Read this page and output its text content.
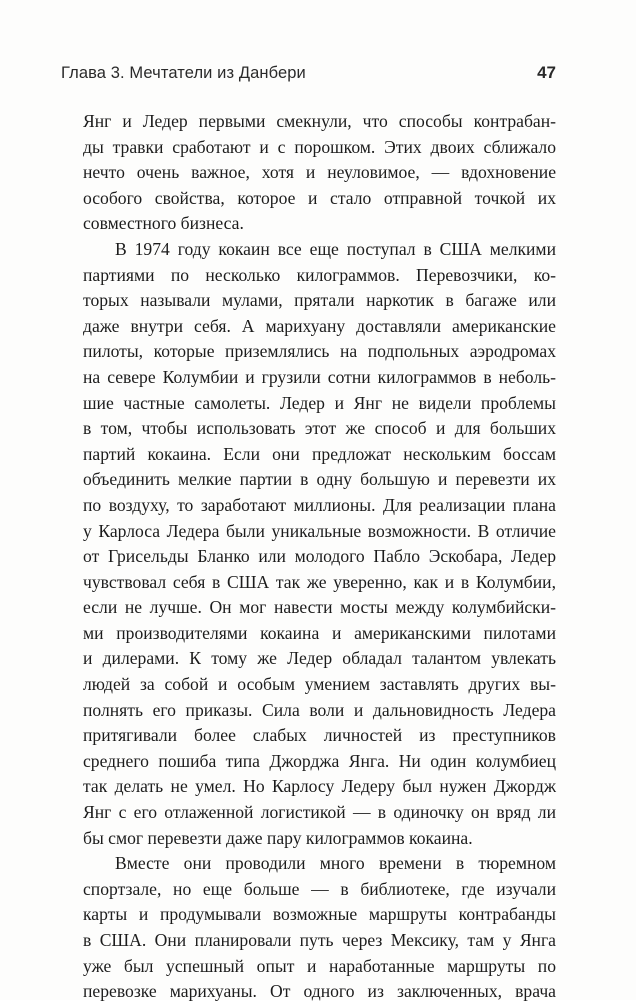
Глава 3. Мечтатели из Данбери	47

Янг и Ледер первыми смекнули, что способы контрабан-
ды травки сработают и с порошком. Этих двоих сближало
нечто очень важное, хотя и неуловимое, — вдохновение
особого свойства, которое и стало отправной точкой их
совместного бизнеса.

В 1974 году кокаин все еще поступал в США мелкими
партиями по несколько килограммов. Перевозчики, ко-
торых называли мулами, прятали наркотик в багаже или
даже внутри себя. А марихуану доставляли американские
пилоты, которые приземлялись на подпольных аэродромах
на севере Колумбии и грузили сотни килограммов в неболь-
шие частные самолеты. Ледер и Янг не видели проблемы
в том, чтобы использовать этот же способ и для больших
партий кокаина. Если они предложат нескольким боссам
объединить мелкие партии в одну большую и перевезти их
по воздуху, то заработают миллионы. Для реализации плана
у Карлоса Ледера были уникальные возможности. В отличие
от Грисельды Бланко или молодого Пабло Эскобара, Ледер
чувствовал себя в США так же уверенно, как и в Колумбии,
если не лучше. Он мог навести мосты между колумбийски-
ми производителями кокаина и американскими пилотами
и дилерами. К тому же Ледер обладал талантом увлекать
людей за собой и особым умением заставлять других вы-
полнять его приказы. Сила воли и дальновидность Ледера
притягивали более слабых личностей из преступников
среднего пошиба типа Джорджа Янга. Ни один колумбиец
так делать не умел. Но Карлосу Ледеру был нужен Джордж
Янг с его отлаженной логистикой — в одиночку он вряд ли
бы смог перевезти даже пару килограммов кокаина.

Вместе они проводили много времени в тюремном
спортзале, но еще больше — в библиотеке, где изучали
карты и продумывали возможные маршруты контрабанды
в США. Они планировали путь через Мексику, там у Янга
уже был успешный опыт и наработанные маршруты по
перевозке марихуаны. От одного из заключенных, врача
